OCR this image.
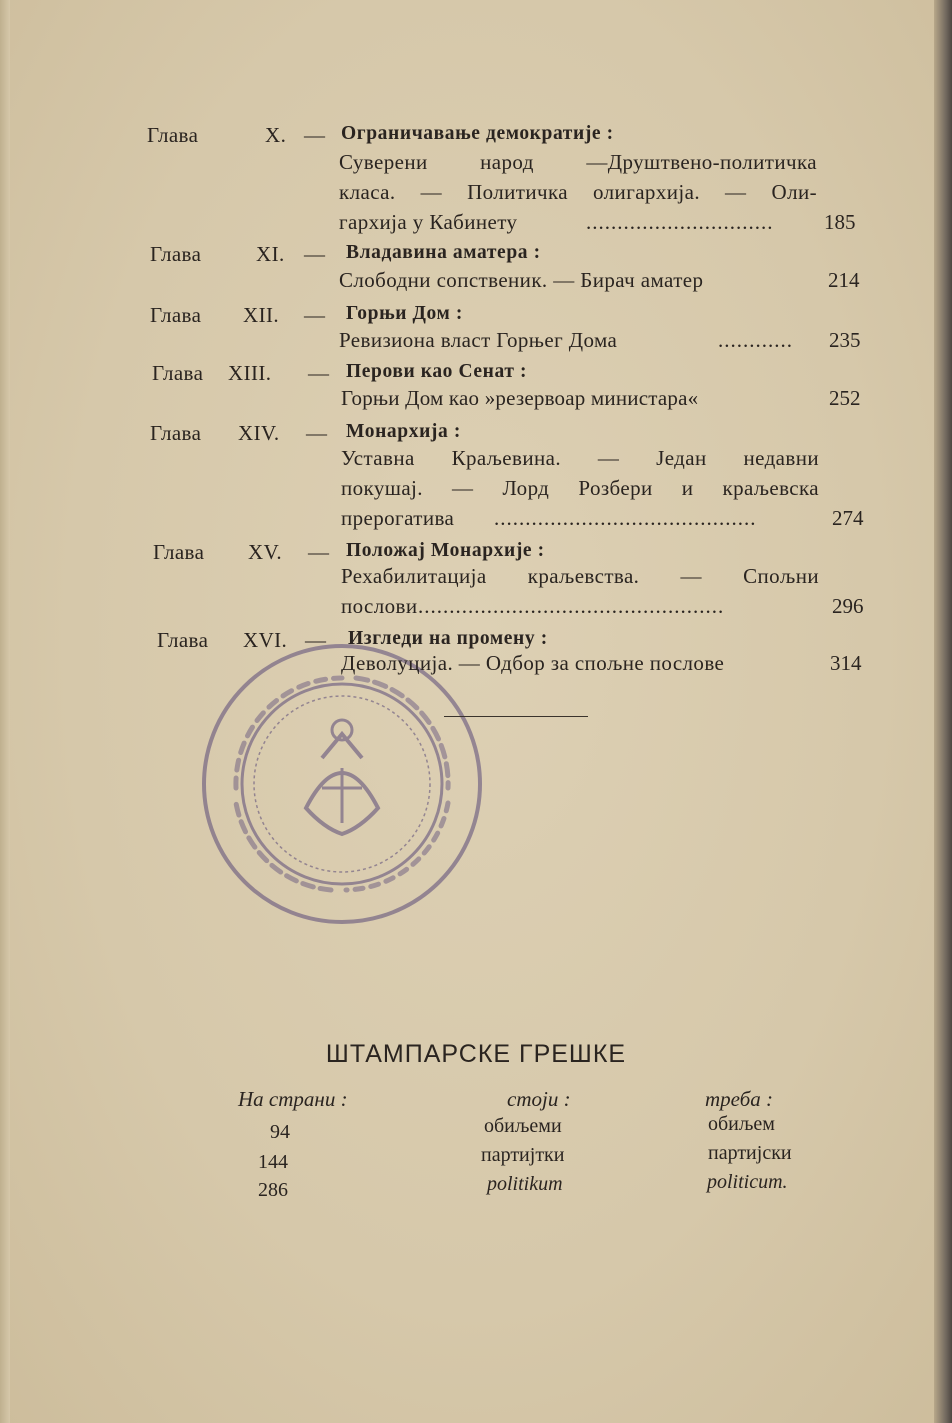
Глава	X. — Ограничавање демократије :
Суверени народ —Друштвено-политичка
класа. — Политичка олигархија. — Оли-
гархија у Кабинету	.............................. 185
Глава	XI. — Владавина аматера :
Слободни сопственик. — Бирач аматер	214
Глава XII. — Горњи Дом :
Ревизиона власт Горњег Дома	............ 235
Глава XIII. — Перови као Сенат :
Горњи Дом као »резервоар министара«	252
Глава XIV. — Монархија :
Уставна Краљевина. — Један недавни
покушај. — Лорд Розбери и краљевска
прерогатива ..........................................	274
Глава XV. — Положај Монархије :
Рехабилитација краљевства. — Спољни
послови .................................................	296
Глава XVI. — Изгледи на промену :
Деволуција. — Одбор за спољне послове	314
ШТАМПАРСКЕ ГРЕШКЕ
На страни :	стоји :	треба :
94	обиљеми	обиљем
144	партијтки	партијски
286	politikum	politicum.
